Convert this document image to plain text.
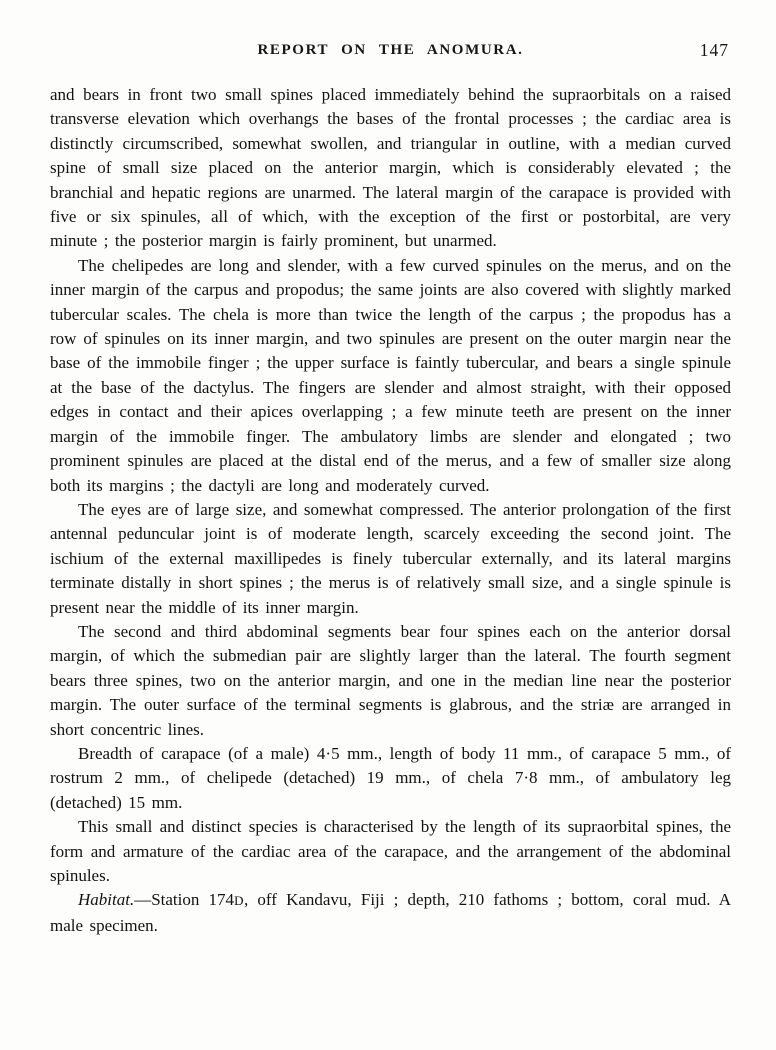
REPORT ON THE ANOMURA.	147

and bears in front two small spines placed immediately behind the supraorbitals on a raised transverse elevation which overhangs the bases of the frontal processes ; the cardiac area is distinctly circumscribed, somewhat swollen, and triangular in outline, with a median curved spine of small size placed on the anterior margin, which is considerably elevated ; the branchial and hepatic regions are unarmed. The lateral margin of the carapace is provided with five or six spinules, all of which, with the exception of the first or postorbital, are very minute ; the posterior margin is fairly prominent, but unarmed.

The chelipedes are long and slender, with a few curved spinules on the merus, and on the inner margin of the carpus and propodus; the same joints are also covered with slightly marked tubercular scales. The chela is more than twice the length of the carpus ; the propodus has a row of spinules on its inner margin, and two spinules are present on the outer margin near the base of the immobile finger ; the upper surface is faintly tubercular, and bears a single spinule at the base of the dactylus. The fingers are slender and almost straight, with their opposed edges in contact and their apices overlapping ; a few minute teeth are present on the inner margin of the immobile finger. The ambulatory limbs are slender and elongated ; two prominent spinules are placed at the distal end of the merus, and a few of smaller size along both its margins ; the dactyli are long and moderately curved.

The eyes are of large size, and somewhat compressed. The anterior prolongation of the first antennal peduncular joint is of moderate length, scarcely exceeding the second joint. The ischium of the external maxillipedes is finely tubercular externally, and its lateral margins terminate distally in short spines ; the merus is of relatively small size, and a single spinule is present near the middle of its inner margin.

The second and third abdominal segments bear four spines each on the anterior dorsal margin, of which the submedian pair are slightly larger than the lateral. The fourth segment bears three spines, two on the anterior margin, and one in the median line near the posterior margin. The outer surface of the terminal segments is glabrous, and the striæ are arranged in short concentric lines.

Breadth of carapace (of a male) 4·5 mm., length of body 11 mm., of carapace 5 mm., of rostrum 2 mm., of chelipede (detached) 19 mm., of chela 7·8 mm., of ambulatory leg (detached) 15 mm.

This small and distinct species is characterised by the length of its supraorbital spines, the form and armature of the cardiac area of the carapace, and the arrangement of the abdominal spinules.

Habitat.—Station 174D, off Kandavu, Fiji ; depth, 210 fathoms ; bottom, coral mud. A male specimen.
